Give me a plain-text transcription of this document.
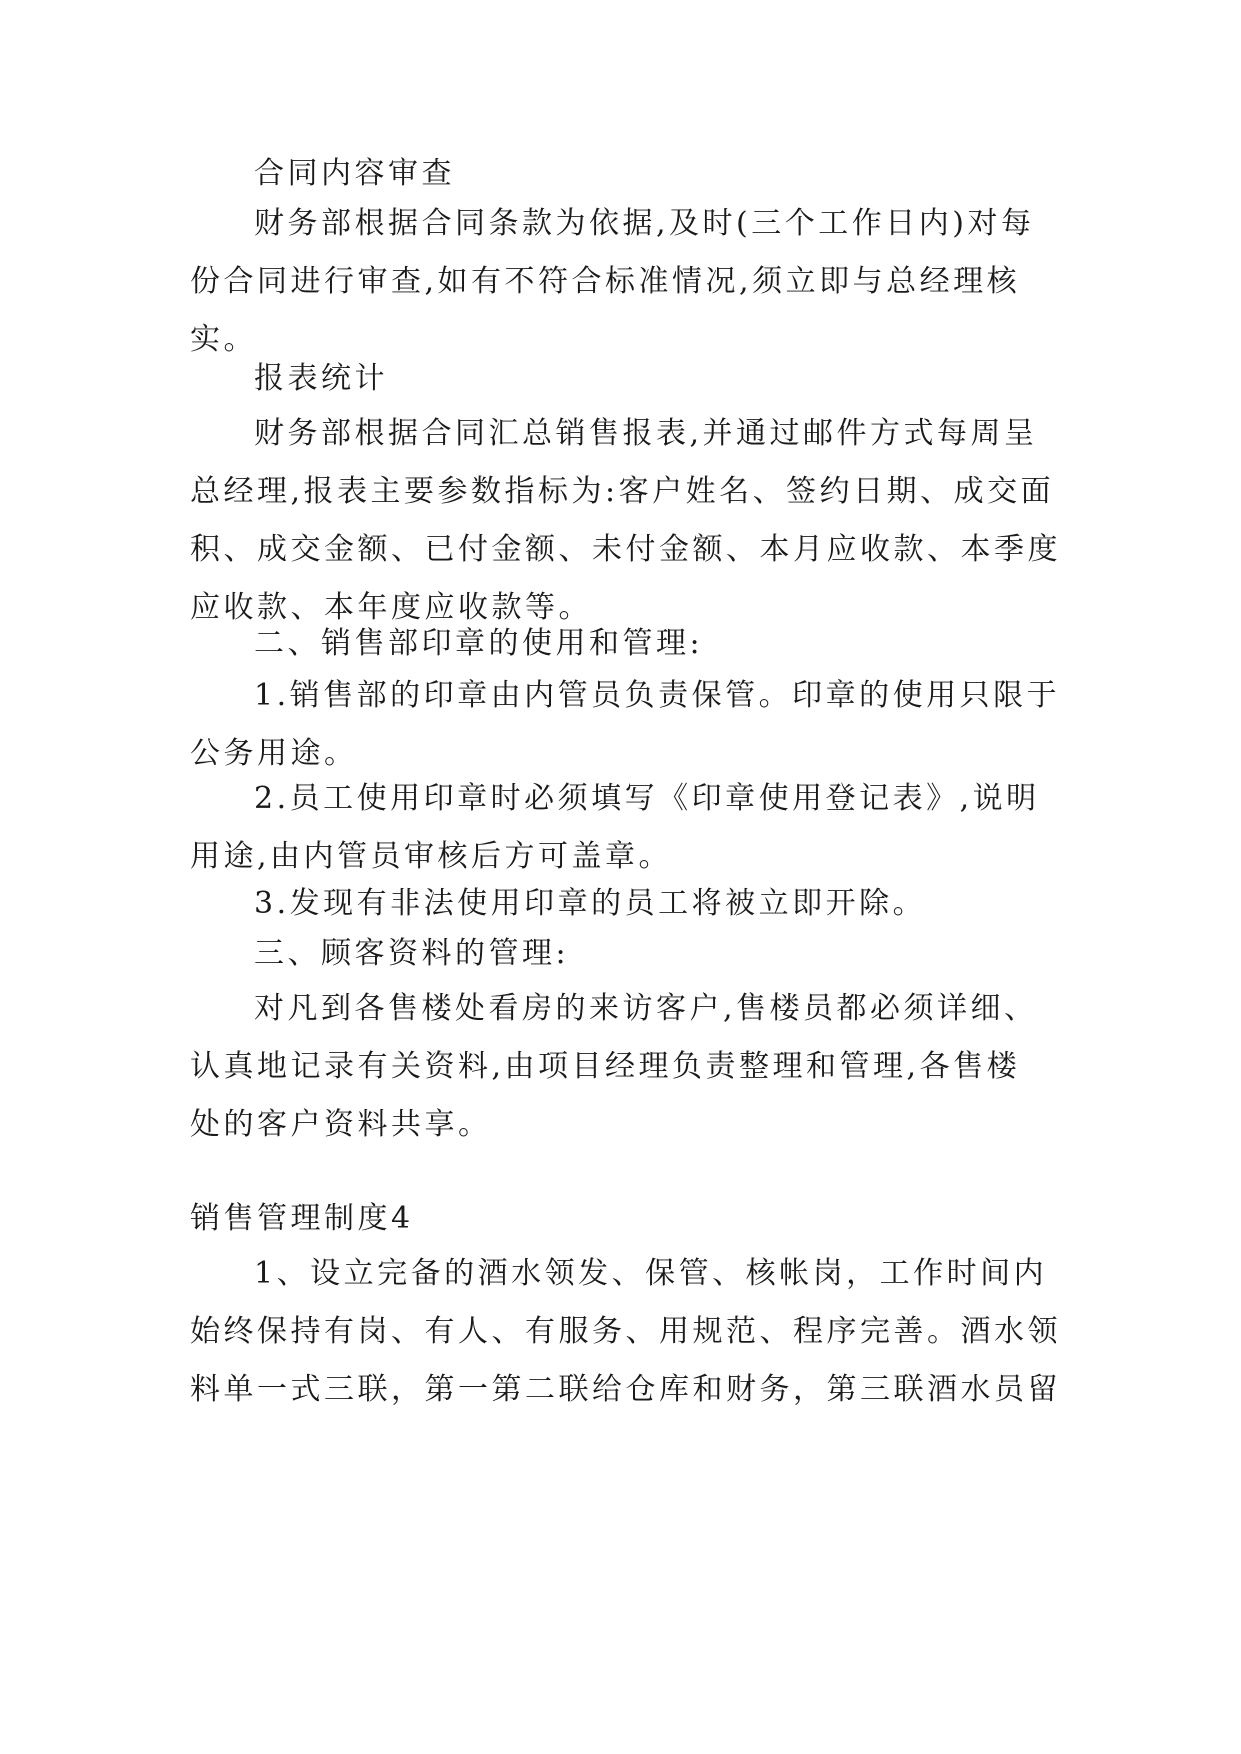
合同内容审查
财务部根据合同条款为依据,及时(三个工作日内)对每
份合同进行审查,如有不符合标准情况,须立即与总经理核
实。
报表统计
财务部根据合同汇总销售报表,并通过邮件方式每周呈
总经理,报表主要参数指标为:客户姓名、签约日期、成交面
积、成交金额、已付金额、未付金额、本月应收款、本季度
应收款、本年度应收款等。
二、销售部印章的使用和管理:
1.销售部的印章由内管员负责保管。印章的使用只限于
公务用途。
2.员工使用印章时必须填写《印章使用登记表》,说明
用途,由内管员审核后方可盖章。
3.发现有非法使用印章的员工将被立即开除。
三、顾客资料的管理:
对凡到各售楼处看房的来访客户,售楼员都必须详细、
认真地记录有关资料,由项目经理负责整理和管理,各售楼
处的客户资料共享。
销售管理制度4
1、设立完备的酒水领发、保管、核帐岗，工作时间内
始终保持有岗、有人、有服务、用规范、程序完善。酒水领
料单一式三联，第一第二联给仓库和财务，第三联酒水员留
